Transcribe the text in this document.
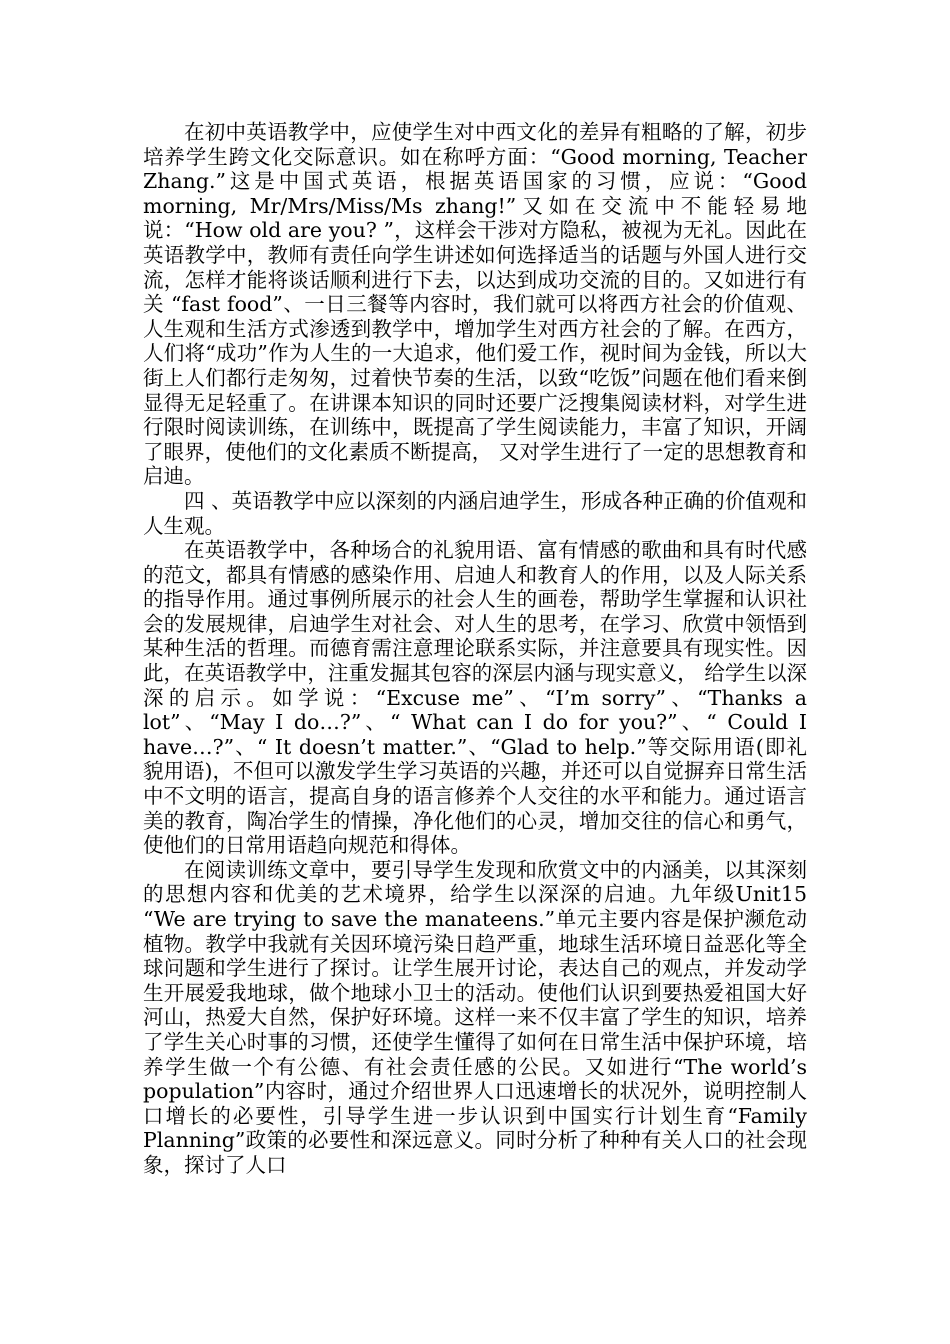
在初中英语教学中，应使学生对中西文化的差异有粗略的了解，初步培养学生跨文化交际意识。如在称呼方面：“Good morning, Teacher Zhang.”这是中国式英语，根据英语国家的习惯，应说：“Good morning, Mr/Mrs/Miss/Ms zhang!”又如在交流中不能轻易地说：“How old are you? ”，这样会干涉对方隐私，被视为无礼。因此在英语教学中，教师有责任向学生讲述如何选择适当的话题与外国人进行交流，怎样才能将谈话顺利进行下去，以达到成功交流的目的。又如进行有关 “fast food”、一日三餐等内容时，我们就可以将西方社会的价值观、人生观和生活方式渗透到教学中，增加学生对西方社会的了解。在西方，人们将“成功”作为人生的一大追求，他们爱工作，视时间为金钱，所以大街上人们都行走匆匆，过着快节奏的生活，以致“吃饭”问题在他们看来倒显得无足轻重了。在讲课本知识的同时还要广泛搜集阅读材料，对学生进行限时阅读训练，在训练中，既提高了学生阅读能力，丰富了知识，开阔了眼界，使他们的文化素质不断提高， 又对学生进行了一定的思想教育和启迪。

四 、英语教学中应以深刻的内涵启迪学生，形成各种正确的价值观和人生观。

在英语教学中，各种场合的礼貌用语、富有情感的歌曲和具有时代感的范文，都具有情感的感染作用、启迪人和教育人的作用，以及人际关系的指导作用。通过事例所展示的社会人生的画卷，帮助学生掌握和认识社会的发展规律，启迪学生对社会、对人生的思考，在学习、欣赏中领悟到某种生活的哲理。而德育需注意理论联系实际，并注意要具有现实性。因此，在英语教学中，注重发掘其包容的深层内涵与现实意义， 给学生以深深的启示。如学说：“Excuse me”、“I’m sorry”、“Thanks a lot”、“May I do…?”、“ What can I do for you?”、“ Could I have…?”、“ It doesn’t matter.”、“Glad to help.”等交际用语(即礼貌用语)，不但可以激发学生学习英语的兴趣，并还可以自觉摒弃日常生活中不文明的语言，提高自身的语言修养个人交往的水平和能力。通过语言美的教育，陶冶学生的情操，净化他们的心灵，增加交往的信心和勇气，使他们的日常用语趋向规范和得体。

在阅读训练文章中，要引导学生发现和欣赏文中的内涵美，以其深刻的思想内容和优美的艺术境界，给学生以深深的启迪。九年级Unit15 “We are trying to save the manateens.”单元主要内容是保护濒危动植物。教学中我就有关因环境污染日趋严重，地球生活环境日益恶化等全球问题和学生进行了探讨。让学生展开讨论，表达自己的观点，并发动学生开展爱我地球，做个地球小卫士的活动。使他们认识到要热爱祖国大好河山，热爱大自然，保护好环境。这样一来不仅丰富了学生的知识，培养了学生关心时事的习惯，还使学生懂得了如何在日常生活中保护环境，培养学生做一个有公德、有社会责任感的公民。又如进行“The world’s population”内容时，通过介绍世界人口迅速增长的状况外，说明控制人口增长的必要性，引导学生进一步认识到中国实行计划生育“Family Planning”政策的必要性和深远意义。同时分析了种种有关人口的社会现象，探讨了人口
